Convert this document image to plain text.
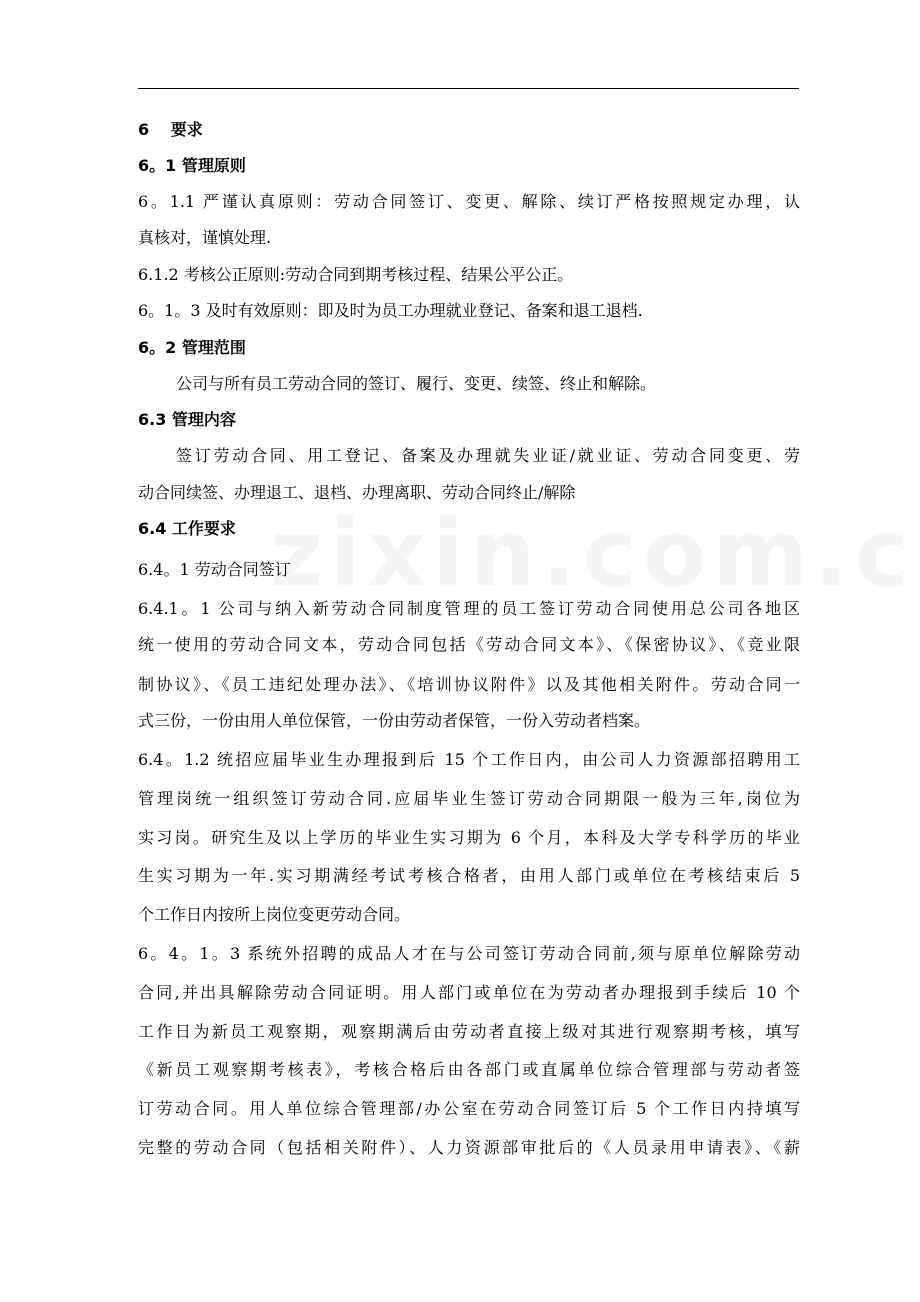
6　 要求
6。1 管理原则
6。1.1 严谨认真原则：劳动合同签订、变更、解除、续订严格按照规定办理，认
真核对，谨慎处理.
6.1.2 考核公正原则:劳动合同到期考核过程、结果公平公正。
6。1。3 及时有效原则：即及时为员工办理就业登记、备案和退工退档.
6。2 管理范围
公司与所有员工劳动合同的签订、履行、变更、续签、终止和解除。
6.3 管理内容
签订劳动合同、用工登记、备案及办理就失业证/就业证、劳动合同变更、劳
动合同续签、办理退工、退档、办理离职、劳动合同终止/解除
6.4 工作要求
6.4。1 劳动合同签订
6.4.1。1 公司与纳入新劳动合同制度管理的员工签订劳动合同使用总公司各地区
统一使用的劳动合同文本，劳动合同包括《劳动合同文本》、《保密协议》、《竞业限
制协议》、《员工违纪处理办法》、《培训协议附件》以及其他相关附件。劳动合同一
式三份，一份由用人单位保管，一份由劳动者保管，一份入劳动者档案。
6.4。1.2 统招应届毕业生办理报到后 15 个工作日内，由公司人力资源部招聘用工
管理岗统一组织签订劳动合同.应届毕业生签订劳动合同期限一般为三年,岗位为
实习岗。研究生及以上学历的毕业生实习期为 6 个月，本科及大学专科学历的毕业
生实习期为一年.实习期满经考试考核合格者，由用人部门或单位在考核结束后 5
个工作日内按所上岗位变更劳动合同。
6。4。1。3 系统外招聘的成品人才在与公司签订劳动合同前,须与原单位解除劳动
合同,并出具解除劳动合同证明。用人部门或单位在为劳动者办理报到手续后 10 个
工作日为新员工观察期，观察期满后由劳动者直接上级对其进行观察期考核，填写
《新员工观察期考核表》，考核合格后由各部门或直属单位综合管理部与劳动者签
订劳动合同。用人单位综合管理部/办公室在劳动合同签订后 5 个工作日内持填写
完整的劳动合同（包括相关附件）、人力资源部审批后的《人员录用申请表》、《薪
